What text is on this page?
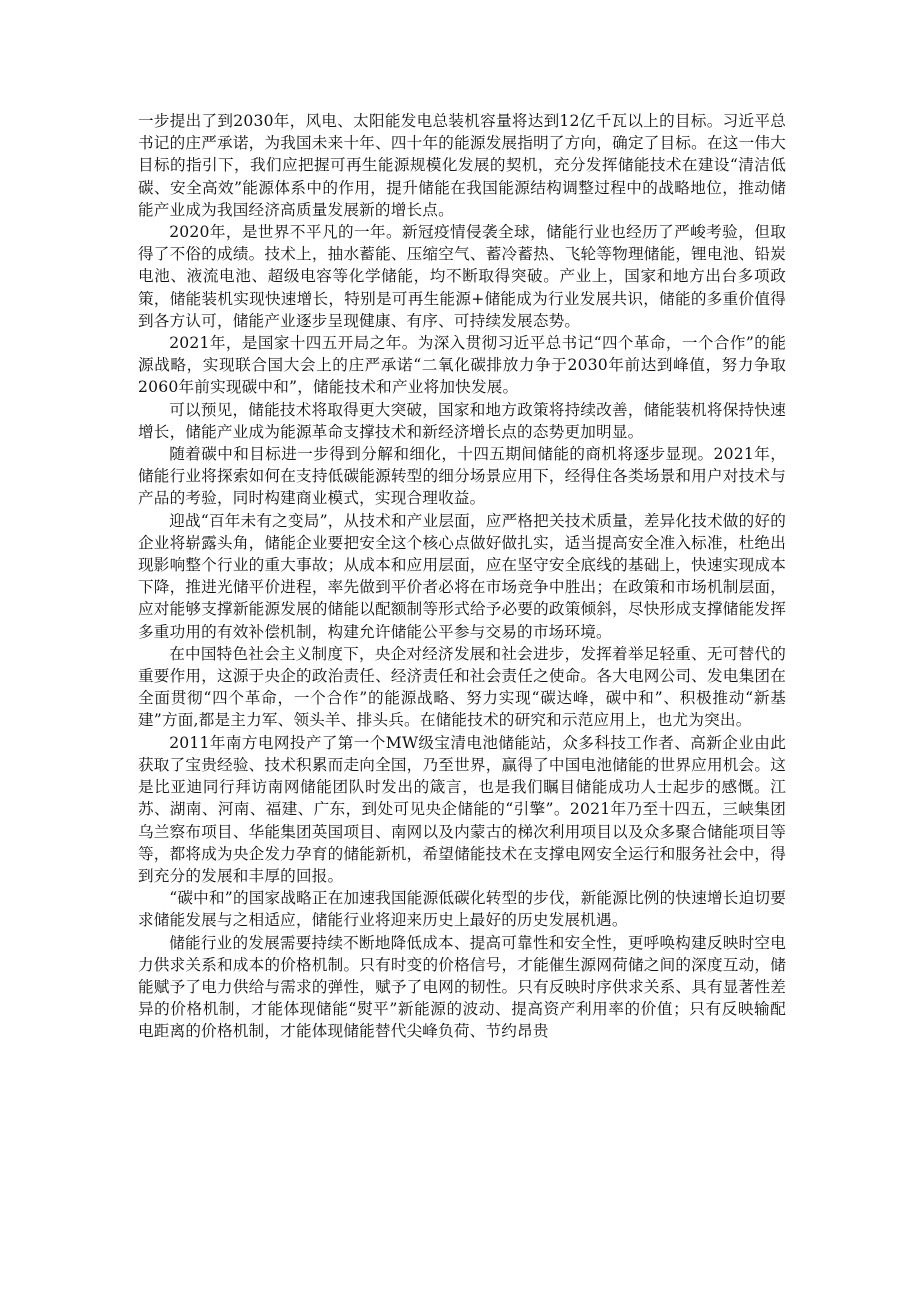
一步提出了到2030年，风电、太阳能发电总装机容量将达到12亿千瓦以上的目标。习近平总书记的庄严承诺，为我国未来十年、四十年的能源发展指明了方向，确定了目标。在这一伟大目标的指引下，我们应把握可再生能源规模化发展的契机，充分发挥储能技术在建设“清洁低碳、安全高效”能源体系中的作用，提升储能在我国能源结构调整过程中的战略地位，推动储能产业成为我国经济高质量发展新的增长点。

2020年，是世界不平凡的一年。新冠疫情侵袭全球，储能行业也经历了严峻考验，但取得了不俗的成绩。技术上，抽水蓄能、压缩空气、蓄冷蓄热、飞轮等物理储能，锂电池、铅炭电池、液流电池、超级电容等化学储能，均不断取得突破。产业上，国家和地方出台多项政策，储能装机实现快速增长，特别是可再生能源+储能成为行业发展共识，储能的多重价值得到各方认可，储能产业逐步呈现健康、有序、可持续发展态势。

2021年，是国家十四五开局之年。为深入贯彻习近平总书记“四个革命，一个合作”的能源战略，实现联合国大会上的庄严承诺“二氧化碳排放力争于2030年前达到峰值，努力争取2060年前实现碳中和”，储能技术和产业将加快发展。

可以预见，储能技术将取得更大突破，国家和地方政策将持续改善，储能装机将保持快速增长，储能产业成为能源革命支撑技术和新经济增长点的态势更加明显。

随着碳中和目标进一步得到分解和细化，十四五期间储能的商机将逐步显现。2021年，储能行业将探索如何在支持低碳能源转型的细分场景应用下，经得住各类场景和用户对技术与产品的考验，同时构建商业模式，实现合理收益。

迎战“百年未有之变局”，从技术和产业层面，应严格把关技术质量，差异化技术做的好的企业将崭露头角，储能企业要把安全这个核心点做好做扎实，适当提高安全准入标准，杜绝出现影响整个行业的重大事故；从成本和应用层面，应在坚守安全底线的基础上，快速实现成本下降，推进光储平价进程，率先做到平价者必将在市场竞争中胜出；在政策和市场机制层面，应对能够支撑新能源发展的储能以配额制等形式给予必要的政策倾斜，尽快形成支撑储能发挥多重功用的有效补偿机制，构建允许储能公平参与交易的市场环境。

在中国特色社会主义制度下，央企对经济发展和社会进步，发挥着举足轻重、无可替代的重要作用，这源于央企的政治责任、经济责任和社会责任之使命。各大电网公司、发电集团在全面贯彻“四个革命，一个合作”的能源战略、努力实现“碳达峰，碳中和”、积极推动“新基建”方面,都是主力军、领头羊、排头兵。在储能技术的研究和示范应用上，也尤为突出。

2011年南方电网投产了第一个MW级宝清电池储能站，众多科技工作者、高新企业由此获取了宝贵经验、技术积累而走向全国，乃至世界，赢得了中国电池储能的世界应用机会。这是比亚迪同行拜访南网储能团队时发出的箴言，也是我们瞩目储能成功人士起步的感慨。江苏、湖南、河南、福建、广东，到处可见央企储能的“引擎”。2021年乃至十四五，三峡集团乌兰察布项目、华能集团英国项目、南网以及内蒙古的梯次利用项目以及众多聚合储能项目等等，都将成为央企发力孕育的储能新机，希望储能技术在支撑电网安全运行和服务社会中，得到充分的发展和丰厚的回报。

“碳中和”的国家战略正在加速我国能源低碳化转型的步伐，新能源比例的快速增长迫切要求储能发展与之相适应，储能行业将迎来历史上最好的历史发展机遇。

储能行业的发展需要持续不断地降低成本、提高可靠性和安全性，更呼唤构建反映时空电力供求关系和成本的价格机制。只有时变的价格信号，才能催生源网荷储之间的深度互动，储能赋予了电力供给与需求的弹性，赋予了电网的韧性。只有反映时序供求关系、具有显著性差异的价格机制，才能体现储能“熨平”新能源的波动、提高资产利用率的价值；只有反映输配电距离的价格机制，才能体现储能替代尖峰负荷、节约昂贵
